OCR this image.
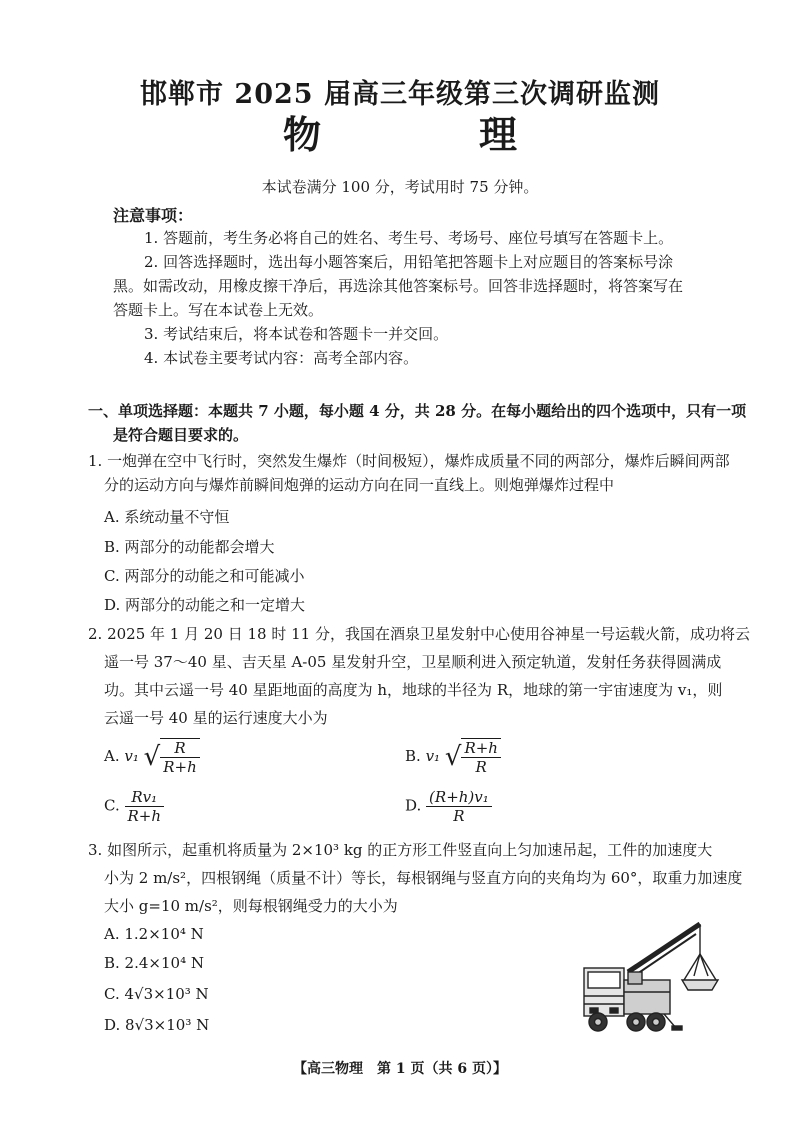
邯郸市 2025 届高三年级第三次调研监测
物　理
本试卷满分 100 分，考试用时 75 分钟。
注意事项：
1. 答题前，考生务必将自己的姓名、考生号、考场号、座位号填写在答题卡上。
2. 回答选择题时，选出每小题答案后，用铅笔把答题卡上对应题目的答案标号涂
黑。如需改动，用橡皮擦干净后，再选涂其他答案标号。回答非选择题时，将答案写在
答题卡上。写在本试卷上无效。
3. 考试结束后，将本试卷和答题卡一并交回。
4. 本试卷主要考试内容：高考全部内容。
一、单项选择题：本题共 7 小题，每小题 4 分，共 28 分。在每小题给出的四个选项中，只有一项
是符合题目要求的。
1. 一炮弹在空中飞行时，突然发生爆炸（时间极短），爆炸成质量不同的两部分，爆炸后瞬间两部
分的运动方向与爆炸前瞬间炮弹的运动方向在同一直线上。则炮弹爆炸过程中
A. 系统动量不守恒
B. 两部分的动能都会增大
C. 两部分的动能之和可能减小
D. 两部分的动能之和一定增大
2. 2025 年 1 月 20 日 18 时 11 分，我国在酒泉卫星发射中心使用谷神星一号运载火箭，成功将云
遥一号 37～40 星、吉天星 A-05 星发射升空，卫星顺利进入预定轨道，发射任务获得圆满成
功。其中云遥一号 40 星距地面的高度为 h，地球的半径为 R，地球的第一宇宙速度为 v₁，则
云遥一号 40 星的运行速度大小为
A. v₁ √ $\frac{R}{R+h}$	B. v₁ √ $\frac{R+h}{R}$
C. $\frac{\text{Rv₁}}{R+h}$	D. $\frac{\text{(R+h)v₁}}{R}$
3. 如图所示，起重机将质量为 2×10³ kg 的正方形工件竖直向上匀加速吊起，工件的加速度大
小为 2 m/s²，四根钢绳（质量不计）等长，每根钢绳与竖直方向的夹角均为 60°，取重力加速度
大小 g=10 m/s²，则每根钢绳受力的大小为
A. 1.2×10⁴ N
B. 2.4×10⁴ N
C. 4√3×10³ N
D. 8√3×10³ N
【高三物理　第 1 页（共 6 页）】
